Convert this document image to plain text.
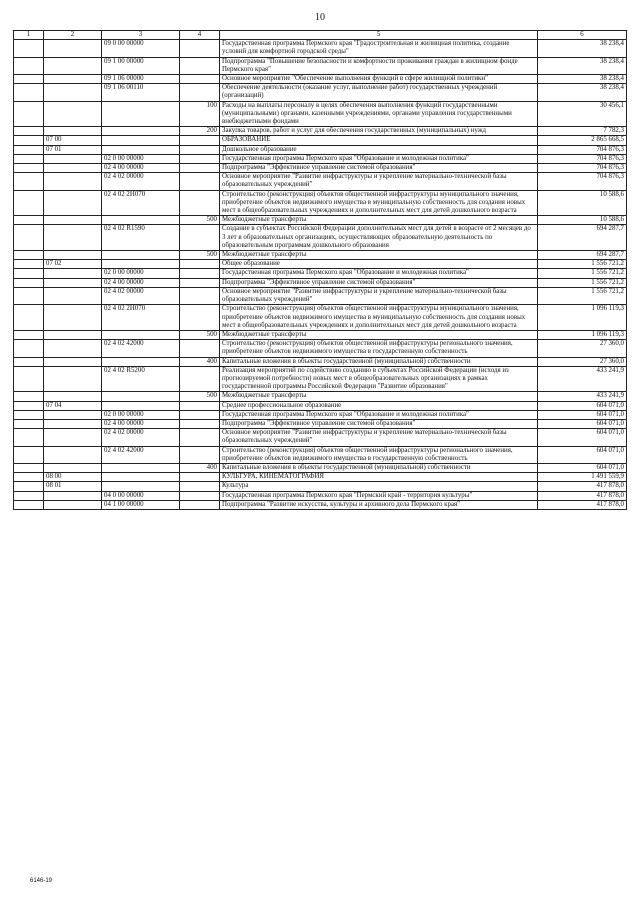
10
1	2	3	4	5	6
		09 0 00 00000		Государственная программа Пермского края "Градостроительная и жилищная политика, создание условий для комфортной городской среды"	38 238,4
		09 1 00 00000		Подпрограмма "Повышение безопасности и комфортности проживания граждан в жилищном фонде Пермского края"	38 238,4
		09 1 06 00000		Основное мероприятие "Обеспечение выполнения функций в сфере жилищной политики"	38 238,4
		09 1 06 00110		Обеспечение деятельности (оказание услуг, выполнение работ) государственных учреждений (организаций)	38 238,4
			100	Расходы на выплаты персоналу в целях обеспечения выполнения функций государственными (муниципальными) органами, казенными учреждениями, органами управления государственными внебюджетными фондами	30 456,1
			200	Закупка товаров, работ и услуг для обеспечения государственных (муниципальных) нужд	7 782,3
	07 00			ОБРАЗОВАНИЕ	2 865 668,5
	07 01			Дошкольное образование	704 876,3
		02 0 00 00000		Государственная программа Пермского края "Образование и молодежная политика"	704 876,3
		02 4 00 00000		Подпрограмма "Эффективное управление системой образования"	704 876,3
		02 4 02 00000		Основное мероприятие "Развитие инфраструктуры и укрепление материально-технической базы образовательных учреждений"	704 876,3
		02 4 02 2Н070		Строительство (реконструкция) объектов общественной инфраструктуры муниципального значения, приобретение объектов недвижимого имущества в муниципальную собственность для создания новых мест в общеобразовательных учреждениях и дополнительных мест для детей дошкольного возраста	10 588,6
			500	Межбюджетные трансферты	10 588,6
		02 4 02 R1590		Создание в субъектах Российской Федерации дополнительных мест для детей в возрасте от 2 месяцев до 3 лет в образовательных организациях, осуществляющих образовательную деятельность по образовательным программам дошкольного образования	694 287,7
			500	Межбюджетные трансферты	694 287,7
	07 02			Общее образование	1 556 721,2
		02 0 00 00000		Государственная программа Пермского края "Образование и молодежная политика"	1 556 721,2
		02 4 00 00000		Подпрограмма "Эффективное управление системой образования"	1 556 721,2
		02 4 02 00000		Основное мероприятие "Развитие инфраструктуры и укрепление материально-технической базы образовательных учреждений"	1 556 721,2
		02 4 02 2Н070		Строительство (реконструкция) объектов общественной инфраструктуры муниципального значения, приобретение объектов недвижимого имущества в муниципальную собственность для создания новых мест в общеобразовательных учреждениях и дополнительных мест для детей дошкольного возраста	1 096 119,3
			500	Межбюджетные трансферты	1 096 119,3
		02 4 02 42000		Строительство (реконструкция) объектов общественной инфраструктуры регионального значения, приобретение объектов недвижимого имущества в государственную собственность	27 360,0
			400	Капитальные вложения в объекты государственной (муниципальной) собственности	27 360,0
		02 4 02 R5200		Реализация мероприятий по содействию созданию в субъектах Российской Федерации (исходя из прогнозируемой потребности) новых мест в общеобразовательных организациях в рамках государственной программы Российской Федерации "Развитие образования"	433 241,9
			500	Межбюджетные трансферты	433 241,9
	07 04			Среднее профессиональное образование	604 071,0
		02 0 00 00000		Государственная программа Пермского края "Образование и молодежная политика"	604 071,0
		02 4 00 00000		Подпрограмма "Эффективное управление системой образования"	604 071,0
		02 4 02 00000		Основное мероприятие "Развитие инфраструктуры и укрепление материально-технической базы образовательных учреждений"	604 071,0
		02 4 02 42000		Строительство (реконструкция) объектов общественной инфраструктуры регионального значения, приобретение объектов недвижимого имущества в государственную собственность	604 071,0
			400	Капитальные вложения в объекты государственной (муниципальной) собственности	604 071,0
	08 00			КУЛЬТУРА, КИНЕМАТОГРАФИЯ	1 491 559,9
	08 01			Культура	417 878,0
		04 0 00 00000		Государственная программа Пермского края "Пермский край - территория культуры"	417 878,0
		04 1 00 00000		Подпрограмма "Развитие искусства, культуры и архивного дела Пермского края"	417 878,0
6146-19
